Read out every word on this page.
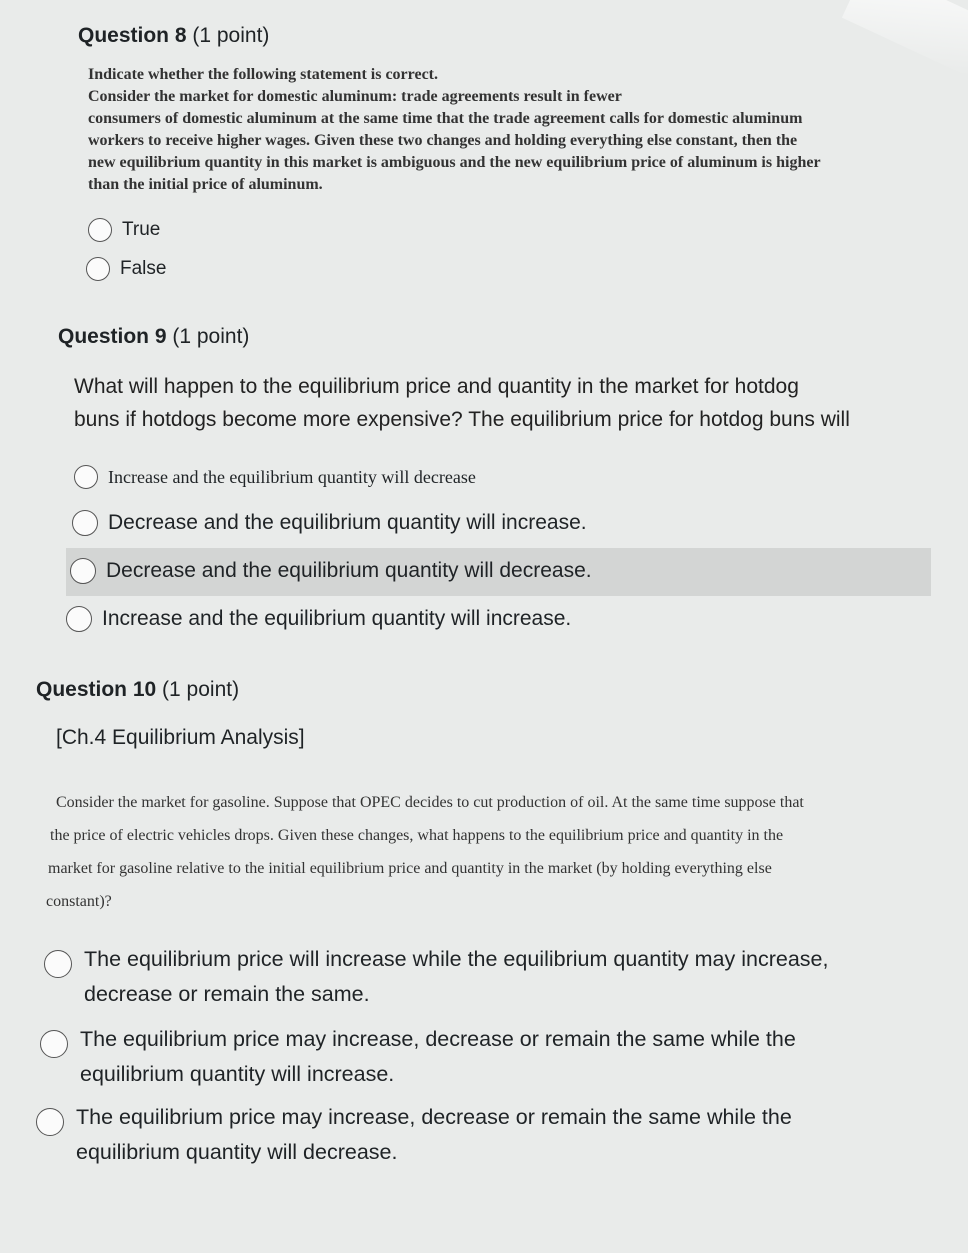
Question 8 (1 point)
Indicate whether the following statement is correct.
Consider the market for domestic aluminum: trade agreements result in fewer
consumers of domestic aluminum at the same time that the trade agreement calls for domestic aluminum
workers to receive higher wages. Given these two changes and holding everything else constant, then the
new equilibrium quantity in this market is ambiguous and the new equilibrium price of aluminum is higher
than the initial price of aluminum.
True
False
Question 9 (1 point)
What will happen to the equilibrium price and quantity in the market for hotdog
buns if hotdogs become more expensive? The equilibrium price for hotdog buns will
Increase and the equilibrium quantity will decrease
Decrease and the equilibrium quantity will increase.
Decrease and the equilibrium quantity will decrease.
Increase and the equilibrium quantity will increase.
Question 10 (1 point)
[Ch.4 Equilibrium Analysis]
Consider the market for gasoline. Suppose that OPEC decides to cut production of oil. At the same time suppose that
the price of electric vehicles drops. Given these changes, what happens to the equilibrium price and quantity in the
market for gasoline relative to the initial equilibrium price and quantity in the market (by holding everything else
constant)?
The equilibrium price will increase while the equilibrium quantity may increase,
decrease or remain the same.
The equilibrium price may increase, decrease or remain the same while the
equilibrium quantity will increase.
The equilibrium price may increase, decrease or remain the same while the
equilibrium quantity will decrease.
